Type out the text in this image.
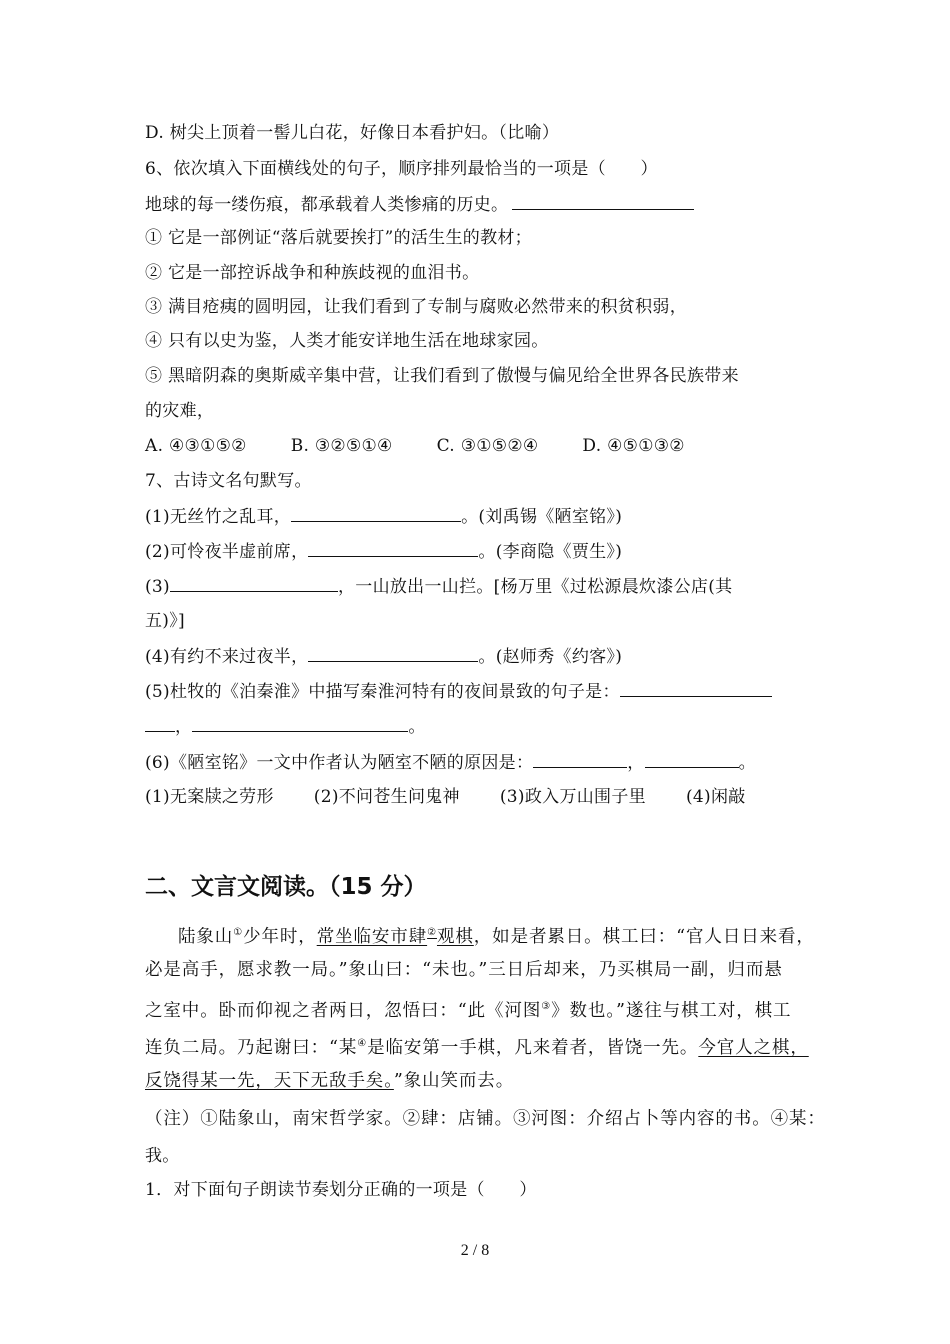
D. 树尖上顶着一髻儿白花，好像日本看护妇。（比喻）
6、依次填入下面横线处的句子，顺序排列最恰当的一项是（　　）
地球的每一缕伤痕，都承载着人类惨痛的历史。
① 它是一部例证“落后就要挨打”的活生生的教材；
② 它是一部控诉战争和种族歧视的血泪书。
③ 满目疮痍的圆明园，让我们看到了专制与腐败必然带来的积贫积弱，
④ 只有以史为鉴，人类才能安详地生活在地球家园。
⑤ 黑暗阴森的奥斯威辛集中营，让我们看到了傲慢与偏见给全世界各民族带来
的灾难，
A. ④③①⑤②	B. ③②⑤①④	C. ③①⑤②④	D. ④⑤①③②
7、古诗文名句默写。
(1)无丝竹之乱耳，	。(刘禹锡《陋室铭》)
(2)可怜夜半虚前席，	。(李商隐《贾生》)
(3)	，一山放出一山拦。[杨万里《过松源晨炊漆公店(其
五)》]
(4)有约不来过夜半，	。(赵师秀《约客》)
(5)杜牧的《泊秦淮》中描写秦淮河特有的夜间景致的句子是：
，	。
(6)《陋室铭》一文中作者认为陋室不陋的原因是：	，	。
(1)无案牍之劳形 (2)不问苍生问鬼神 (3)政入万山围子里 (4)闲敲
二、文言文阅读。（15 分）
陆象山①少年时，常坐临安市肆②观棋，如是者累日。棋工曰：“官人日日来看，
必是高手，愿求教一局。”象山曰：“未也。”三日后却来，乃买棋局一副，归而悬
之室中。卧而仰视之者两日，忽悟曰：“此《河图③》数也。”遂往与棋工对，棋工
连负二局。乃起谢曰：“某④是临安第一手棋，凡来着者，皆饶一先。今官人之棋，
反饶得某一先，天下无敌手矣。”象山笑而去。
（注）①陆象山，南宋哲学家。②肆：店铺。③河图：介绍占卜等内容的书。④某：
我。
1．对下面句子朗读节奏划分正确的一项是（　　）
2 / 8
